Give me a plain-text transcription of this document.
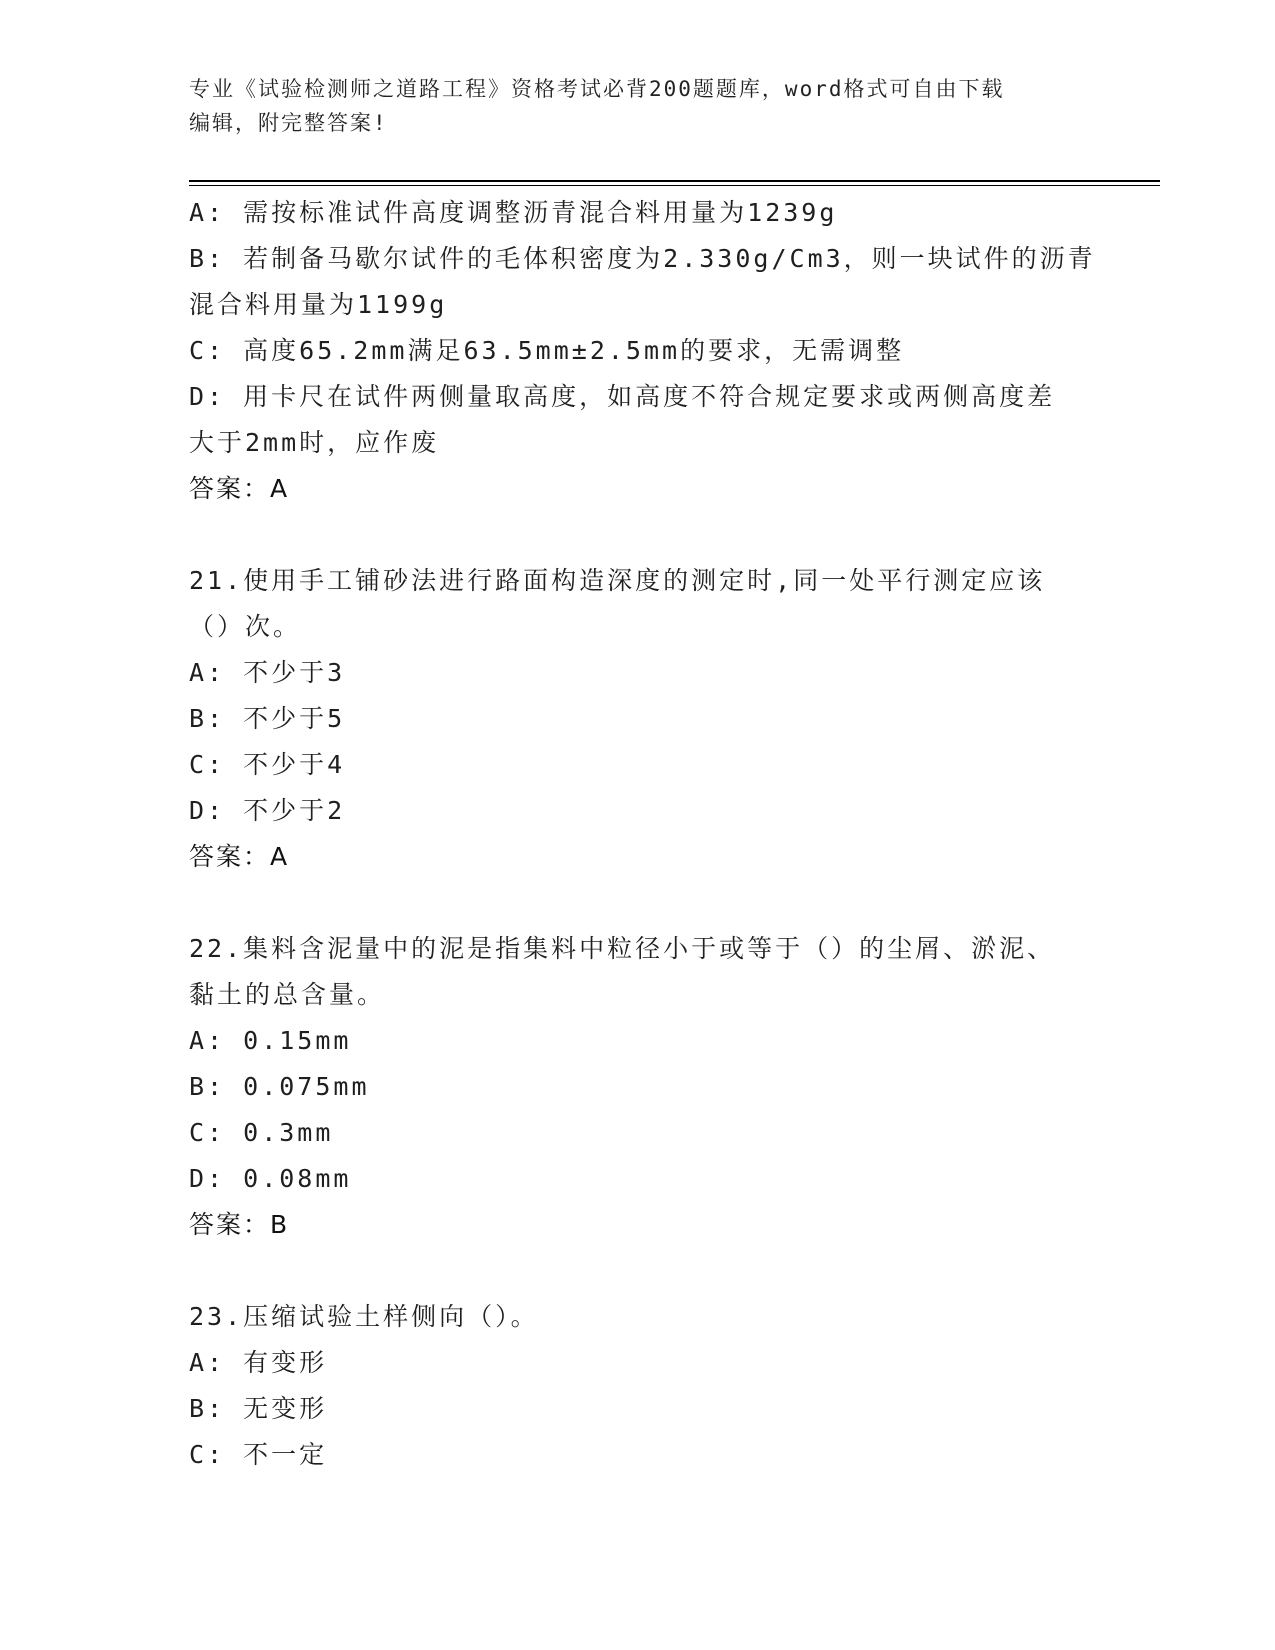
专业《试验检测师之道路工程》资格考试必背200题题库，word格式可自由下载
编辑，附完整答案!
A: 需按标准试件高度调整沥青混合料用量为1239g
B: 若制备马歇尔试件的毛体积密度为2.330g/Cm3，则一块试件的沥青
混合料用量为1199g
C: 高度65.2mm满足63.5mm±2.5mm的要求，无需调整
D: 用卡尺在试件两侧量取高度，如高度不符合规定要求或两侧高度差
大于2mm时，应作废
答案：A
21.使用手工铺砂法进行路面构造深度的测定时,同一处平行测定应该
（）次。
A: 不少于3
B: 不少于5
C: 不少于4
D: 不少于2
答案：A
22.集料含泥量中的泥是指集料中粒径小于或等于（）的尘屑、淤泥、
黏土的总含量。
A: 0.15mm
B: 0.075mm
C: 0.3mm
D: 0.08mm
答案：B
23.压缩试验土样侧向（）。
A: 有变形
B: 无变形
C: 不一定
